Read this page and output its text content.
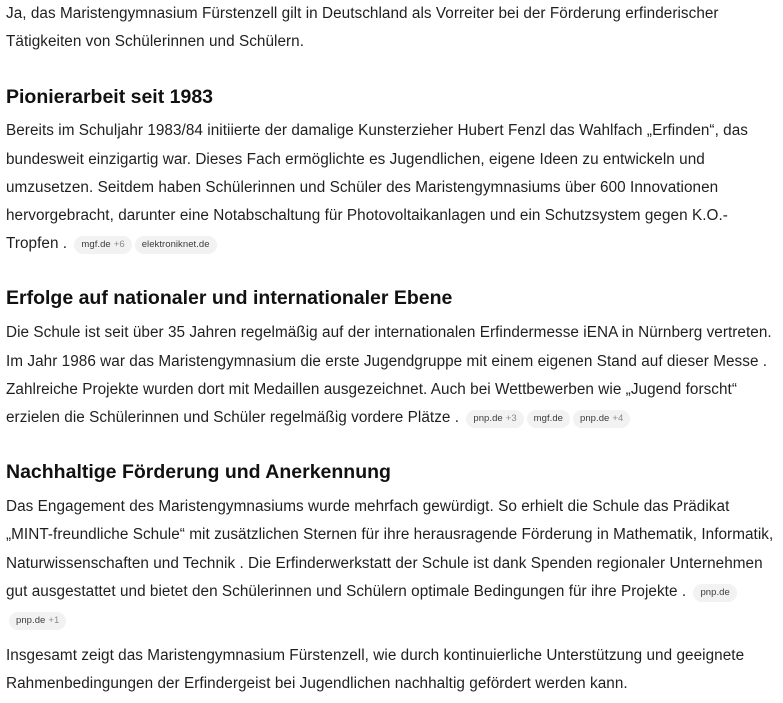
Ja, das Maristengymnasium Fürstenzell gilt in Deutschland als Vorreiter bei der Förderung erfinderischer Tätigkeiten von Schülerinnen und Schülern.

Pionierarbeit seit 1983

Bereits im Schuljahr 1983/84 initiierte der damalige Kunsterzieher Hubert Fenzl das Wahlfach „Erfinden“, das bundesweit einzigartig war. Dieses Fach ermöglichte es Jugendlichen, eigene Ideen zu entwickeln und umzusetzen. Seitdem haben Schülerinnen und Schüler des Maristengymnasiums über 600 Innovationen hervorgebracht, darunter eine Notabschaltung für Photovoltaikanlagen und ein Schutzsystem gegen K.O.-Tropfen . mgf.de +6 elektroniknet.de

Erfolge auf nationaler und internationaler Ebene

Die Schule ist seit über 35 Jahren regelmäßig auf der internationalen Erfindermesse iENA in Nürnberg vertreten. Im Jahr 1986 war das Maristengymnasium die erste Jugendgruppe mit einem eigenen Stand auf dieser Messe . Zahlreiche Projekte wurden dort mit Medaillen ausgezeichnet. Auch bei Wettbewerben wie „Jugend forscht“ erzielen die Schülerinnen und Schüler regelmäßig vordere Plätze . pnp.de +3 mgf.de pnp.de +4

Nachhaltige Förderung und Anerkennung

Das Engagement des Maristengymnasiums wurde mehrfach gewürdigt. So erhielt die Schule das Prädikat „MINT-freundliche Schule“ mit zusätzlichen Sternen für ihre herausragende Förderung in Mathematik, Informatik, Naturwissenschaften und Technik . Die Erfinderwerkstatt der Schule ist dank Spenden regionaler Unternehmen gut ausgestattet und bietet den Schülerinnen und Schülern optimale Bedingungen für ihre Projekte . pnp.depnp.de +1

Insgesamt zeigt das Maristengymnasium Fürstenzell, wie durch kontinuierliche Unterstützung und geeignete Rahmenbedingungen der Erfindergeist bei Jugendlichen nachhaltig gefördert werden kann.
